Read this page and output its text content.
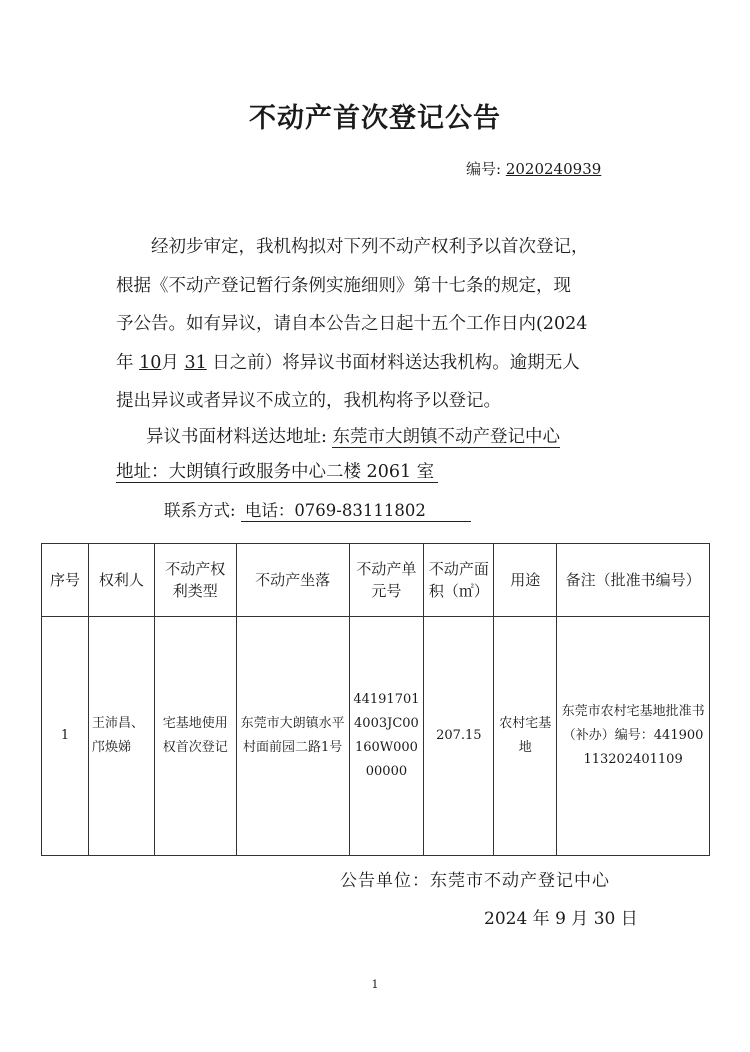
不动产首次登记公告
编号: 2020240939
　　经初步审定，我机构拟对下列不动产权利予以首次登记，
根据《不动产登记暂行条例实施细则》第十七条的规定，现
予公告。如有异议，请自本公告之日起十五个工作日内(2024
年 10月 31 日之前）将异议书面材料送达我机构。逾期无人
提出异议或者异议不成立的，我机构将予以登记。
异议书面材料送达地址: 东莞市大朗镇不动产登记中心
地址：大朗镇行政服务中心二楼 2061 室
联系方式: 电话：0769-83111802
序号	权利人	不动产权利类型	不动产坐落	不动产单元号	不动产面积（㎡）	用途	备注（批准书编号）
1	王沛昌、邝焕娣	宅基地使用权首次登记	东莞市大朗镇水平村面前园二路1号	441917014003JC00160W00000000	207.15	农村宅基地	东莞市农村宅基地批准书（补办）编号：441900113202401109
公告单位：东莞市不动产登记中心
2024 年 9 月 30 日
1
